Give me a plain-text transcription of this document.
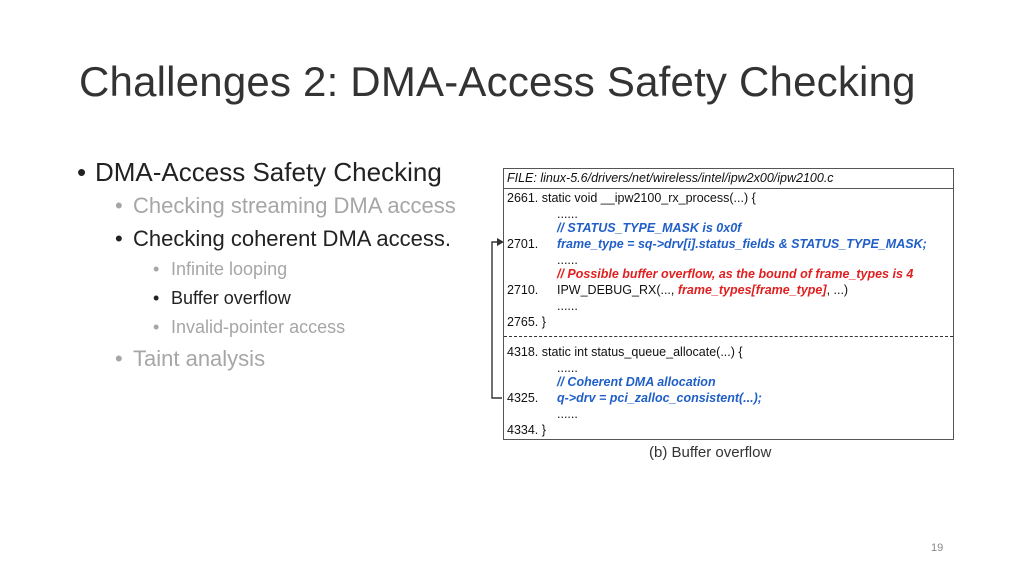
Challenges 2: DMA-Access Safety Checking
• DMA-Access Safety Checking
• Checking streaming DMA access
• Checking coherent DMA access.
• Infinite looping
• Buffer overflow
• Invalid-pointer access
• Taint analysis
FILE: linux-5.6/drivers/net/wireless/intel/ipw2x00/ipw2100.c
2661. static void __ipw2100_rx_process(...) {
......
// STATUS_TYPE_MASK is 0x0f
2701. frame_type = sq->drv[i].status_fields & STATUS_TYPE_MASK;
......
// Possible buffer overflow, as the bound of frame_types is 4
2710. IPW_DEBUG_RX(..., frame_types[frame_type], ...)
......
2765. }
4318. static int status_queue_allocate(...) {
......
// Coherent DMA allocation
4325. q->drv = pci_zalloc_consistent(...);
......
4334. }
(b) Buffer overflow
19
